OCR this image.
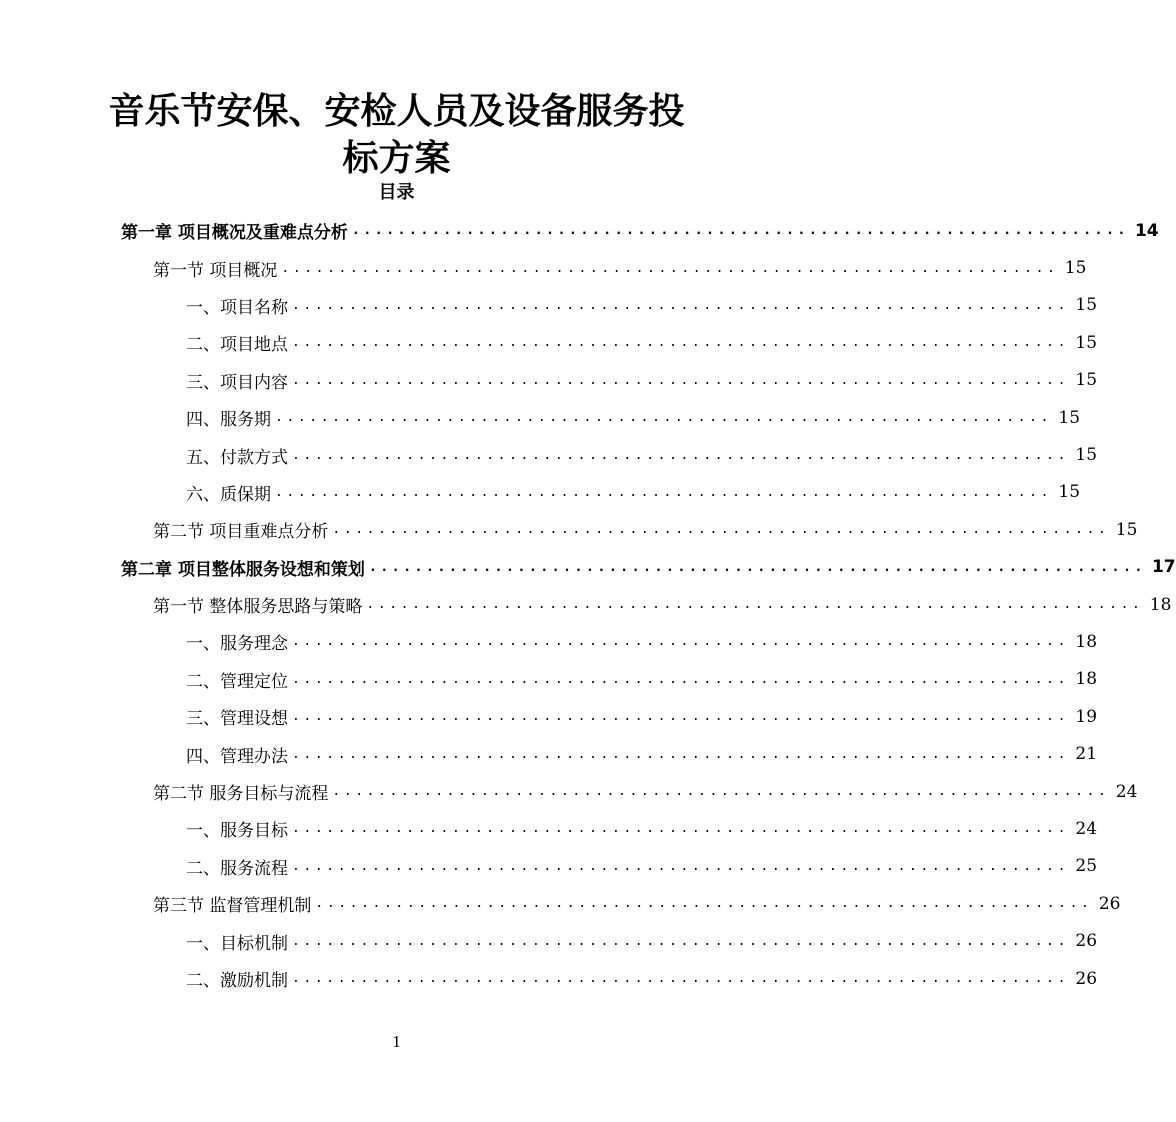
音乐节安保、安检人员及设备服务投标方案
目录
第一章 项目概况及重难点分析 .................................................................... 14
第一节 项目概况 .................................................................... 15
一、项目名称 .................................................................... 15
二、项目地点 .................................................................... 15
三、项目内容 .................................................................... 15
四、服务期 .................................................................... 15
五、付款方式 .................................................................... 15
六、质保期 .................................................................... 15
第二节 项目重难点分析 .................................................................... 15
第二章 项目整体服务设想和策划 .................................................................... 17
第一节 整体服务思路与策略 .................................................................... 18
一、服务理念 .................................................................... 18
二、管理定位 .................................................................... 18
三、管理设想 .................................................................... 19
四、管理办法 .................................................................... 21
第二节 服务目标与流程 .................................................................... 24
一、服务目标 .................................................................... 24
二、服务流程 .................................................................... 25
第三节 监督管理机制 .................................................................... 26
一、目标机制 .................................................................... 26
二、激励机制 .................................................................... 26
1
